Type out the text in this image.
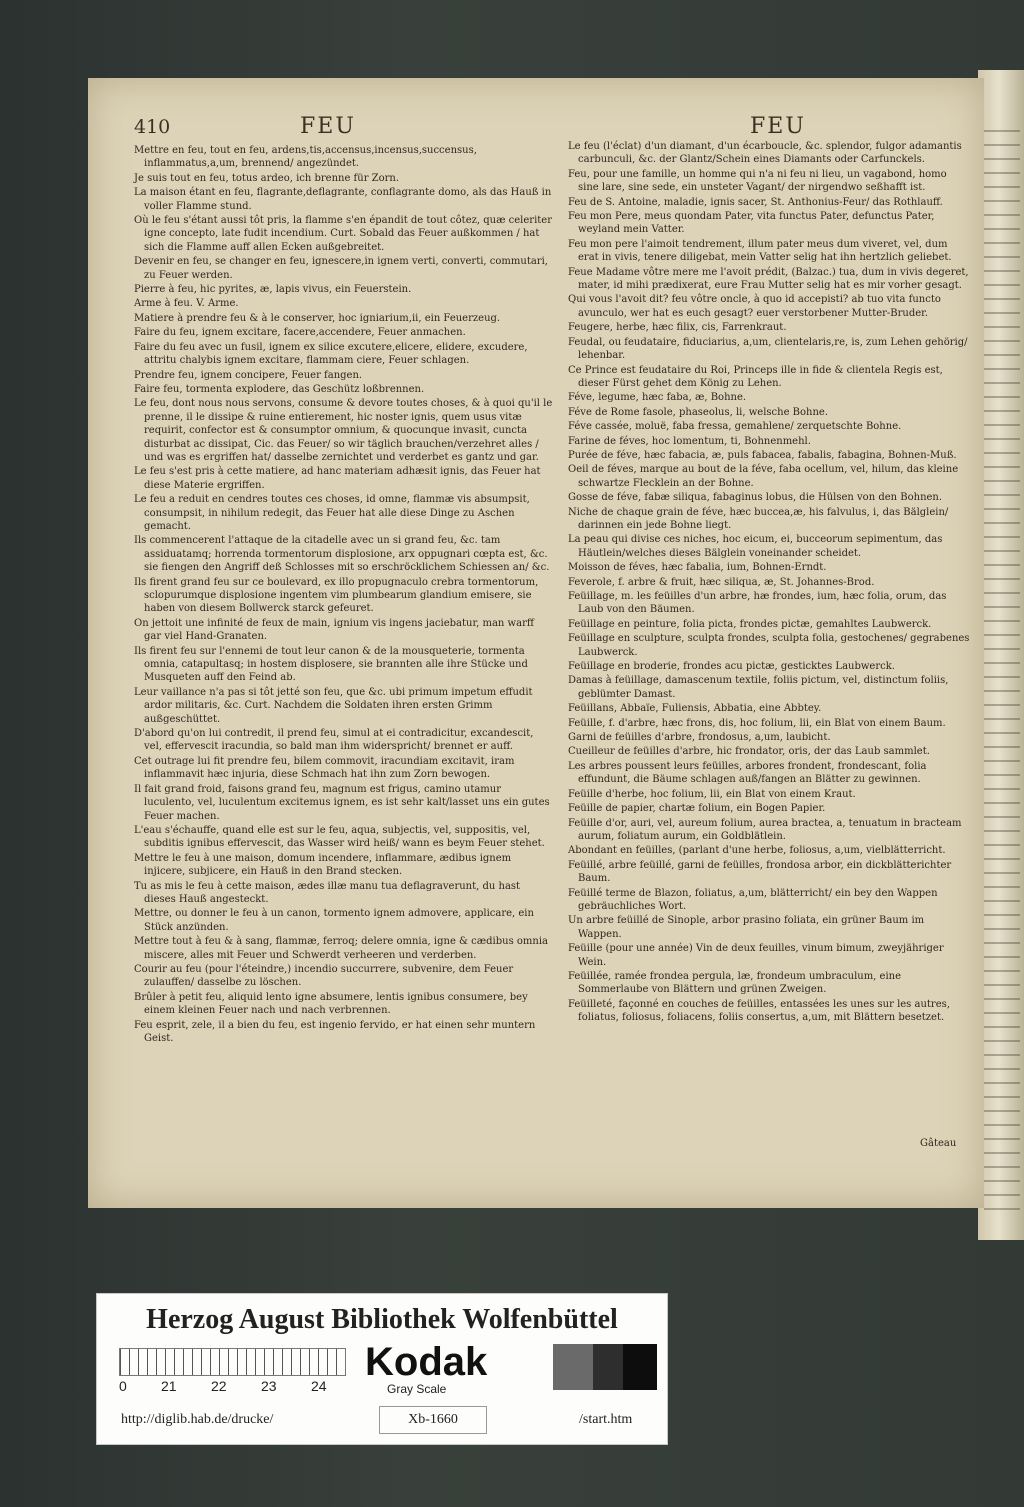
410	FEU	FEU
Mettre en feu, tout en feu, ardens,tis,accensus,incensus,succensus, inflammatus,a,um, brennend/ angezündet.
Je suis tout en feu, totus ardeo, ich brenne für Zorn.
La maison étant en feu, flagrante,deflagrante, conflagrante domo, als das Hauß in voller Flamme stund.
Où le feu s'étant aussi tôt pris, la flamme s'en épandit de tout côtez, quæ celeriter igne concepto, late fudit incendium. Curt. Sobald das Feuer außkommen / hat sich die Flamme auff allen Ecken außgebreitet.
Devenir en feu, se changer en feu, ignescere,in ignem verti, converti, commutari, zu Feuer werden.
Pierre à feu, hic pyrites, æ, lapis vivus, ein Feuerstein.
Arme à feu. V. Arme.
Matiere à prendre feu & à le conserver, hoc igniarium,ii, ein Feuerzeug.
Faire du feu, ignem excitare, facere,accendere, Feuer anmachen.
Faire du feu avec un fusil, ignem ex silice excutere,elicere, elidere, excudere, attritu chalybis ignem excitare, flammam ciere, Feuer schlagen.
Prendre feu, ignem concipere, Feuer fangen.
Faire feu, tormenta explodere, das Geschütz loßbrennen.
Le feu, dont nous nous servons, consume & devore toutes choses, & à quoi qu'il le prenne, il le dissipe & ruine entierement, hic noster ignis, quem usus vitæ requirit, confector est & consumptor omnium, & quocunque invasit, cuncta disturbat ac dissipat, Cic. das Feuer/ so wir täglich brauchen/verzehret alles / und was es ergriffen hat/ dasselbe zernichtet und verderbet es gantz und gar.
Le feu s'est pris à cette matiere, ad hanc materiam adhæsit ignis, das Feuer hat diese Materie ergriffen.
Le feu a reduit en cendres toutes ces choses, id omne, flammæ vis absumpsit, consumpsit, in nihilum redegit, das Feuer hat alle diese Dinge zu Aschen gemacht.
Ils commencerent l'attaque de la citadelle avec un si grand feu, &c. tam assiduatamq; horrenda tormentorum displosione, arx oppugnari cœpta est, &c. sie fiengen den Angriff deß Schlosses mit so erschröcklichem Schiessen an/ &c.
Ils firent grand feu sur ce boulevard, ex illo propugnaculo crebra tormentorum, sclopurumque displosione ingentem vim plumbearum glandium emisere, sie haben von diesem Bollwerck starck gefeuret.
On jettoit une infinité de feux de main, ignium vis ingens jaciebatur, man warff gar viel Hand-Granaten.
Ils firent feu sur l'ennemi de tout leur canon & de la mousqueterie, tormenta omnia, catapultasq; in hostem displosere, sie brannten alle ihre Stücke und Musqueten auff den Feind ab.
Leur vaillance n'a pas si tôt jetté son feu, que &c. ubi primum impetum effudit ardor militaris, &c. Curt. Nachdem die Soldaten ihren ersten Grimm außgeschüttet.
D'abord qu'on lui contredit, il prend feu, simul at ei contradicitur, excandescit, vel, effervescit iracundia, so bald man ihm widerspricht/ brennet er auff.
Cet outrage lui fit prendre feu, bilem commovit, iracundiam excitavit, iram inflammavit hæc injuria, diese Schmach hat ihn zum Zorn bewogen.
Il fait grand froid, faisons grand feu, magnum est frigus, camino utamur luculento, vel, luculentum excitemus ignem, es ist sehr kalt/lasset uns ein gutes Feuer machen.
L'eau s'échauffe, quand elle est sur le feu, aqua, subjectis, vel, suppositis, vel, subditis ignibus effervescit, das Wasser wird heiß/ wann es beym Feuer stehet.
Mettre le feu à une maison, domum incendere, inflammare, ædibus ignem injicere, subjicere, ein Hauß in den Brand stecken.
Tu as mis le feu à cette maison, ædes illæ manu tua deflagraverunt, du hast dieses Hauß angesteckt.
Mettre, ou donner le feu à un canon, tormento ignem admovere, applicare, ein Stück anzünden.
Mettre tout à feu & à sang, flammæ, ferroq; delere omnia, igne & cædibus omnia miscere, alles mit Feuer und Schwerdt verheeren und verderben.
Courir au feu (pour l'éteindre,) incendio succurrere, subvenire, dem Feuer zulauffen/ dasselbe zu löschen.
Brûler à petit feu, aliquid lento igne absumere, lentis ignibus consumere, bey einem kleinen Feuer nach und nach verbrennen.
Feu esprit, zele, il a bien du feu, est ingenio fervido, er hat einen sehr muntern Geist.
Le feu (l'éclat) d'un diamant, d'un écarboucle, &c. splendor, fulgor adamantis carbunculi, &c. der Glantz/Schein eines Diamants oder Carfunckels.
Feu, pour une famille, un homme qui n'a ni feu ni lieu, un vagabond, homo sine lare, sine sede, ein unsteter Vagant/ der nirgendwo seßhafft ist.
Feu de S. Antoine, maladie, ignis sacer, St. Anthonius-Feur/ das Rothlauff.
Feu mon Pere, meus quondam Pater, vita functus Pater, defunctus Pater, weyland mein Vatter.
Feu mon pere l'aimoit tendrement, illum pater meus dum viveret, vel, dum erat in vivis, tenere diligebat, mein Vatter selig hat ihn hertzlich geliebet.
Feue Madame vôtre mere me l'avoit prédit, (Balzac.) tua, dum in vivis degeret, mater, id mihi prædixerat, eure Frau Mutter selig hat es mir vorher gesagt.
Qui vous l'avoit dit? feu vôtre oncle, à quo id accepisti? ab tuo vita functo avunculo, wer hat es euch gesagt? euer verstorbener Mutter-Bruder.
Feugere, herbe, hæc filix, cis, Farrenkraut.
Feudal, ou feudataire, fiduciarius, a,um, clientelaris,re, is, zum Lehen gehörig/ lehenbar.
Ce Prince est feudataire du Roi, Princeps ille in fide & clientela Regis est, dieser Fürst gehet dem König zu Lehen.
Féve, legume, hæc faba, æ, Bohne.
Féve de Rome fasole, phaseolus, li, welsche Bohne.
Féve cassée, moluë, faba fressa, gemahlene/ zerquetschte Bohne.
Farine de féves, hoc lomentum, ti, Bohnenmehl.
Purée de féve, hæc fabacia, æ, puls fabacea, fabalis, fabagina, Bohnen-Muß.
Oeil de féves, marque au bout de la féve, faba ocellum, vel, hilum, das kleine schwartze Flecklein an der Bohne.
Gosse de féve, fabæ siliqua, fabaginus lobus, die Hülsen von den Bohnen.
Niche de chaque grain de féve, hæc buccea,æ, his falvulus, i, das Bälglein/ darinnen ein jede Bohne liegt.
La peau qui divise ces niches, hoc eicum, ei, bucceorum sepimentum, das Häutlein/welches dieses Bälglein voneinander scheidet.
Moisson de féves, hæc fabalia, ium, Bohnen-Erndt.
Feverole, f. arbre & fruit, hæc siliqua, æ, St. Johannes-Brod.
Feüillage, m. les feüilles d'un arbre, hæ frondes, ium, hæc folia, orum, das Laub von den Bäumen.
Feüillage en peinture, folia picta, frondes pictæ, gemahltes Laubwerck.
Feüillage en sculpture, sculpta frondes, sculpta folia, gestochenes/ gegrabenes Laubwerck.
Feüillage en broderie, frondes acu pictæ, gesticktes Laubwerck.
Damas à feüillage, damascenum textile, foliis pictum, vel, distinctum foliis, geblümter Damast.
Feüillans, Abbaïe, Fuliensis, Abbatia, eine Abbtey.
Feüille, f. d'arbre, hæc frons, dis, hoc folium, lii, ein Blat von einem Baum.
Garni de feüilles d'arbre, frondosus, a,um, laubicht.
Cueilleur de feüilles d'arbre, hic frondator, oris, der das Laub sammlet.
Les arbres poussent leurs feüilles, arbores frondent, frondescant, folia effundunt, die Bäume schlagen auß/fangen an Blätter zu gewinnen.
Feüille d'herbe, hoc folium, lii, ein Blat von einem Kraut.
Feüille de papier, chartæ folium, ein Bogen Papier.
Feüille d'or, auri, vel, aureum folium, aurea bractea, a, tenuatum in bracteam aurum, foliatum aurum, ein Goldblätlein.
Abondant en feüilles, (parlant d'une herbe, foliosus, a,um, vielblätterricht.
Feüillé, arbre feüillé, garni de feüilles, frondosa arbor, ein dickblätterichter Baum.
Feüillé terme de Blazon, foliatus, a,um, blätterricht/ ein bey den Wappen gebräuchliches Wort.
Un arbre feüillé de Sinople, arbor prasino foliata, ein grüner Baum im Wappen.
Feüille (pour une année) Vin de deux feuilles, vinum bimum, zweyjähriger Wein.
Feüillée, ramée frondea pergula, læ, frondeum umbraculum, eine Sommerlaube von Blättern und grünen Zweigen.
Feüilleté, façonné en couches de feüilles, entassées les unes sur les autres, foliatus, foliosus, foliacens, foliis consertus, a,um, mit Blättern besetzet.
Gâteau
Herzog August Bibliothek Wolfenbüttel
0 21 22 23 24
Kodak
Gray Scale
http://diglib.hab.de/drucke/	Xb-1660	/start.htm
